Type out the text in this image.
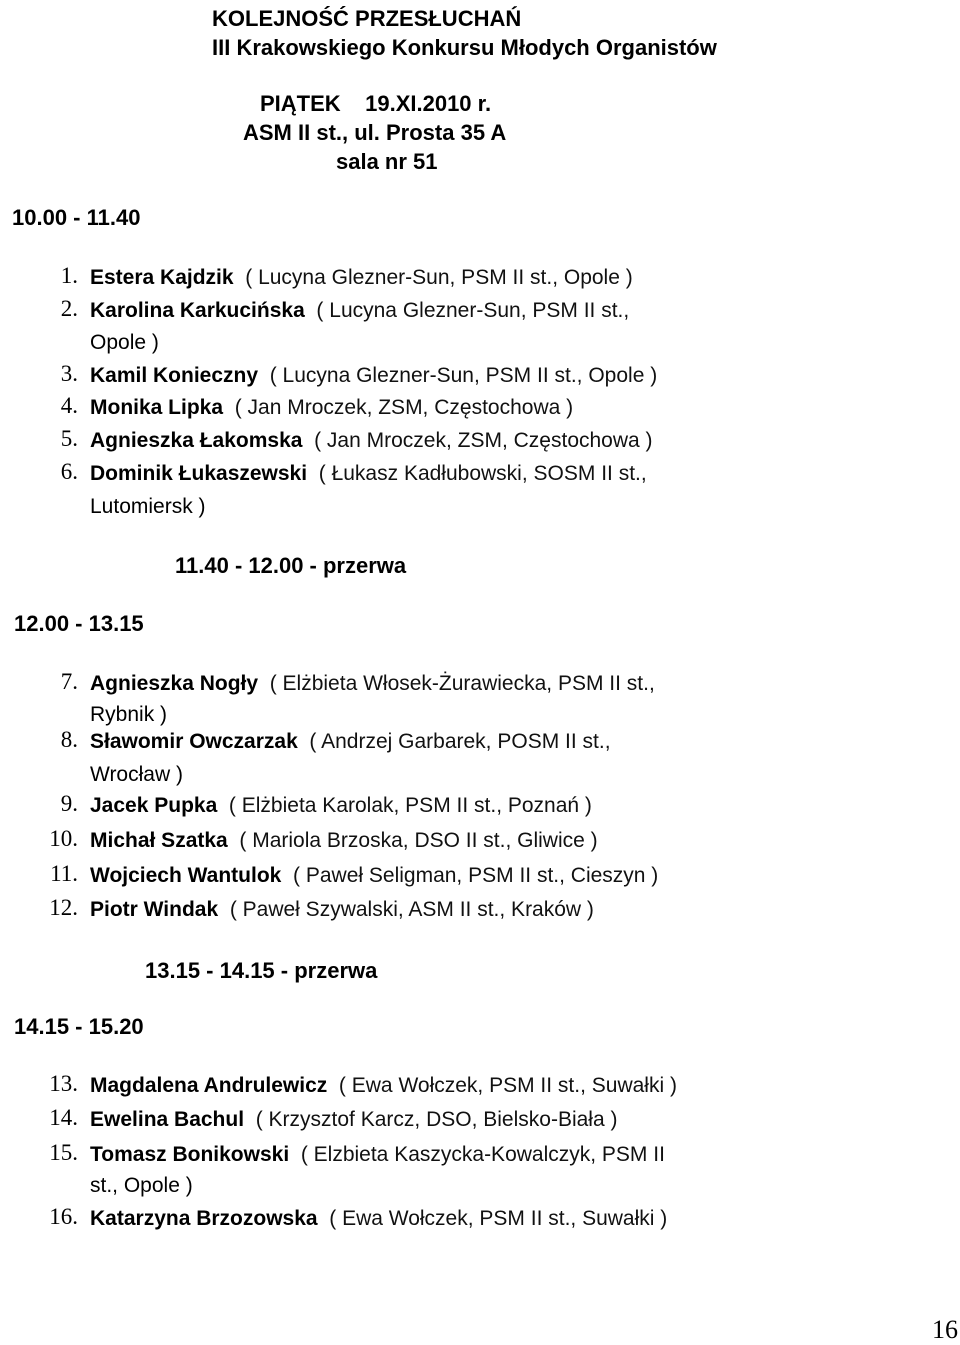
KOLEJNOŚĆ PRZESŁUCHAŃ
III Krakowskiego Konkursu Młodych Organistów
PIĄTEK    19.XI.2010 r.
ASM II st., ul. Prosta 35 A
sala nr 51
10.00 - 11.40
1. Estera Kajdzik  ( Lucyna Glezner-Sun, PSM II st., Opole )
2. Karolina Karkucińska  ( Lucyna Glezner-Sun, PSM II st.,
Opole )
3. Kamil Konieczny  ( Lucyna Glezner-Sun, PSM II st., Opole )
4. Monika Lipka  ( Jan Mroczek, ZSM, Częstochowa )
5. Agnieszka Łakomska  ( Jan Mroczek, ZSM, Częstochowa )
6. Dominik Łukaszewski  ( Łukasz Kadłubowski, SOSM II st.,
Lutomiersk )
11.40 - 12.00 - przerwa
12.00 - 13.15
7. Agnieszka Nogły  ( Elżbieta Włosek-Żurawiecka, PSM II st.,
Rybnik )
8. Sławomir Owczarzak  ( Andrzej Garbarek, POSM II st.,
Wrocław )
9. Jacek Pupka  ( Elżbieta Karolak, PSM II st., Poznań )
10. Michał Szatka  ( Mariola Brzoska, DSO II st., Gliwice )
11. Wojciech Wantulok  ( Paweł Seligman, PSM II st., Cieszyn )
12. Piotr Windak  ( Paweł Szywalski, ASM II st., Kraków )
13.15 - 14.15 - przerwa
14.15 - 15.20
13. Magdalena Andrulewicz  ( Ewa Wołczek, PSM II st., Suwałki )
14. Ewelina Bachul  ( Krzysztof Karcz, DSO, Bielsko-Biała )
15. Tomasz Bonikowski  ( Elzbieta Kaszycka-Kowalczyk, PSM II
st., Opole )
16. Katarzyna Brzozowska  ( Ewa Wołczek, PSM II st., Suwałki )
16
